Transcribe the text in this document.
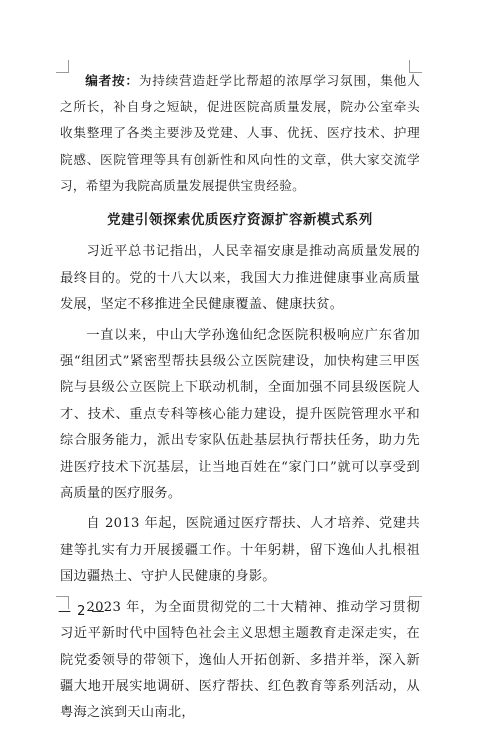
编者按：为持续营造赶学比帮超的浓厚学习氛围，集他人之所长，补自身之短缺，促进医院高质量发展，院办公室牵头收集整理了各类主要涉及党建、人事、优抚、医疗技术、护理院感、医院管理等具有创新性和风向性的文章，供大家交流学习，希望为我院高质量发展提供宝贵经验。

党建引领探索优质医疗资源扩容新模式系列

习近平总书记指出，人民幸福安康是推动高质量发展的最终目的。党的十八大以来，我国大力推进健康事业高质量发展，坚定不移推进全民健康覆盖、健康扶贫。

一直以来，中山大学孙逸仙纪念医院积极响应广东省加强“组团式”紧密型帮扶县级公立医院建设，加快构建三甲医院与县级公立医院上下联动机制，全面加强不同县级医院人才、技术、重点专科等核心能力建设，提升医院管理水平和综合服务能力，派出专家队伍赴基层执行帮扶任务，助力先进医疗技术下沉基层，让当地百姓在“家门口”就可以享受到高质量的医疗服务。

自 2013 年起，医院通过医疗帮扶、人才培养、党建共建等扎实有力开展援疆工作。十年躬耕，留下逸仙人扎根祖国边疆热土、守护人民健康的身影。

2023 年，为全面贯彻党的二十大精神、推动学习贯彻习近平新时代中国特色社会主义思想主题教育走深走实，在院党委领导的带领下，逸仙人开拓创新、多措并举，深入新疆大地开展实地调研、医疗帮扶、红色教育等系列活动，从粤海之滨到天山南北，

— 2 —
